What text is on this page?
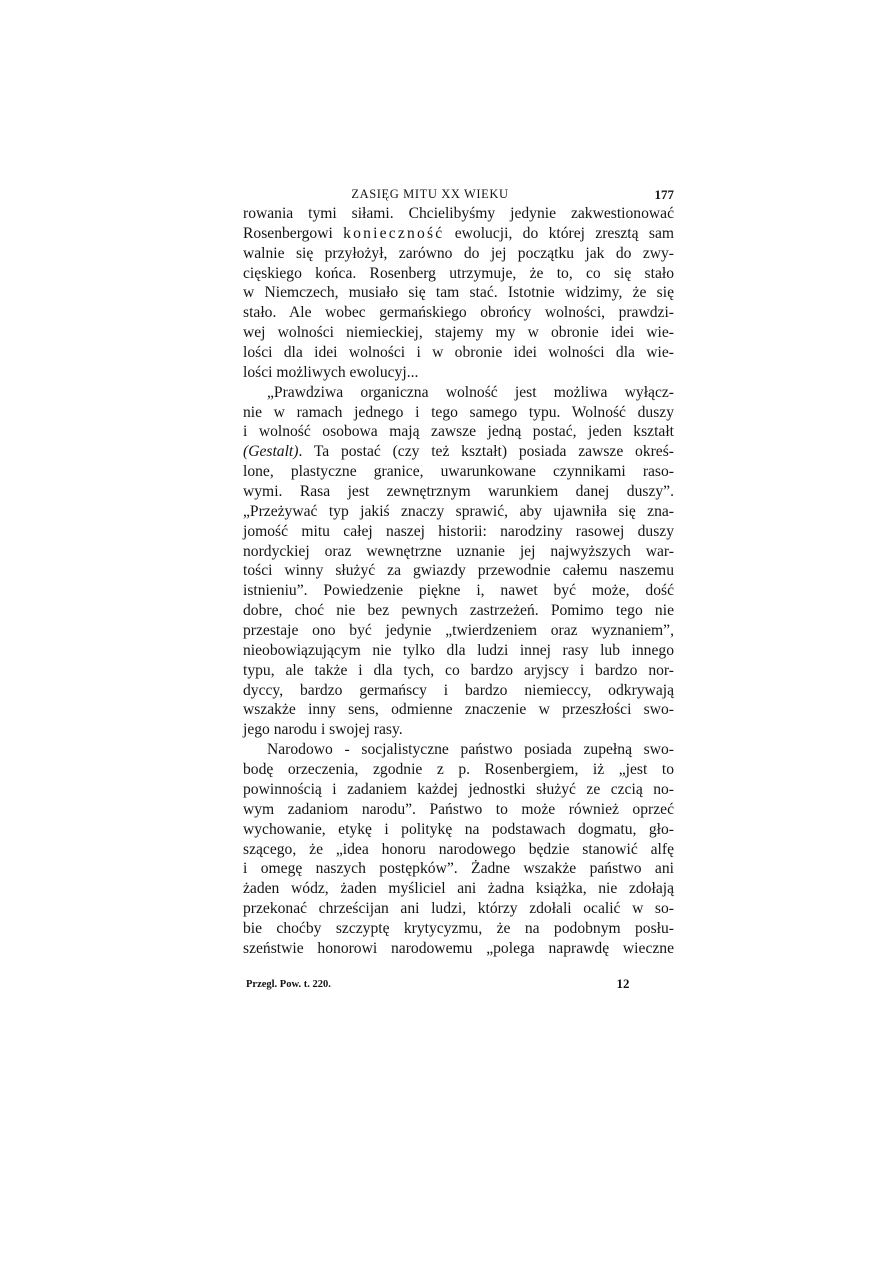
ZASIĘG MITU XX WIEKU	177
rowania tymi siłami. Chcielibyśmy jedynie zakwestionować
Rosenbergowi konieczność ewolucji, do której zresztą sam
walnie się przyłożył, zarówno do jej początku jak do zwy-
cięskiego końca. Rosenberg utrzymuje, że to, co się stało
w Niemczech, musiało się tam stać. Istotnie widzimy, że się
stało. Ale wobec germańskiego obrońcy wolności, prawdzi-
wej wolności niemieckiej, stajemy my w obronie idei wie-
lości dla idei wolności i w obronie idei wolności dla wie-
lości możliwych ewolucyj...
„Prawdziwa organiczna wolność jest możliwa wyłącz-
nie w ramach jednego i tego samego typu. Wolność duszy
i wolność osobowa mają zawsze jedną postać, jeden kształt
(Gestalt). Ta postać (czy też kształt) posiada zawsze okreś-
lone, plastyczne granice, uwarunkowane czynnikami raso-
wymi. Rasa jest zewnętrznym warunkiem danej duszy”.
„Przeżywać typ jakiś znaczy sprawić, aby ujawniła się zna-
jomość mitu całej naszej historii: narodziny rasowej duszy
nordyckiej oraz wewnętrzne uznanie jej najwyższych war-
tości winny służyć za gwiazdy przewodnie całemu naszemu
istnieniu”. Powiedzenie piękne i, nawet być może, dość
dobre, choć nie bez pewnych zastrzeżeń. Pomimo tego nie
przestaje ono być jedynie „twierdzeniem oraz wyznaniem”,
nieobowiązującym nie tylko dla ludzi innej rasy lub innego
typu, ale także i dla tych, co bardzo aryjscy i bardzo nor-
dyccy, bardzo germańscy i bardzo niemieccy, odkrywają
wszakże inny sens, odmienne znaczenie w przeszłości swo-
jego narodu i swojej rasy.
Narodowo - socjalistyczne państwo posiada zupełną swo-
bodę orzeczenia, zgodnie z p. Rosenbergiem, iż „jest to
powinnością i zadaniem każdej jednostki służyć ze czcią no-
wym zadaniom narodu”. Państwo to może również oprzeć
wychowanie, etykę i politykę na podstawach dogmatu, gło-
szącego, że „idea honoru narodowego będzie stanowić alfę
i omegę naszych postępków”. Żadne wszakże państwo ani
żaden wódz, żaden myśliciel ani żadna książka, nie zdołają
przekonać chrześcijan ani ludzi, którzy zdołali ocalić w so-
bie choćby szczyptę krytycyzmu, że na podobnym posłu-
szeństwie honorowi narodowemu „polega naprawdę wieczne
Przegl. Pow. t. 220.	12
